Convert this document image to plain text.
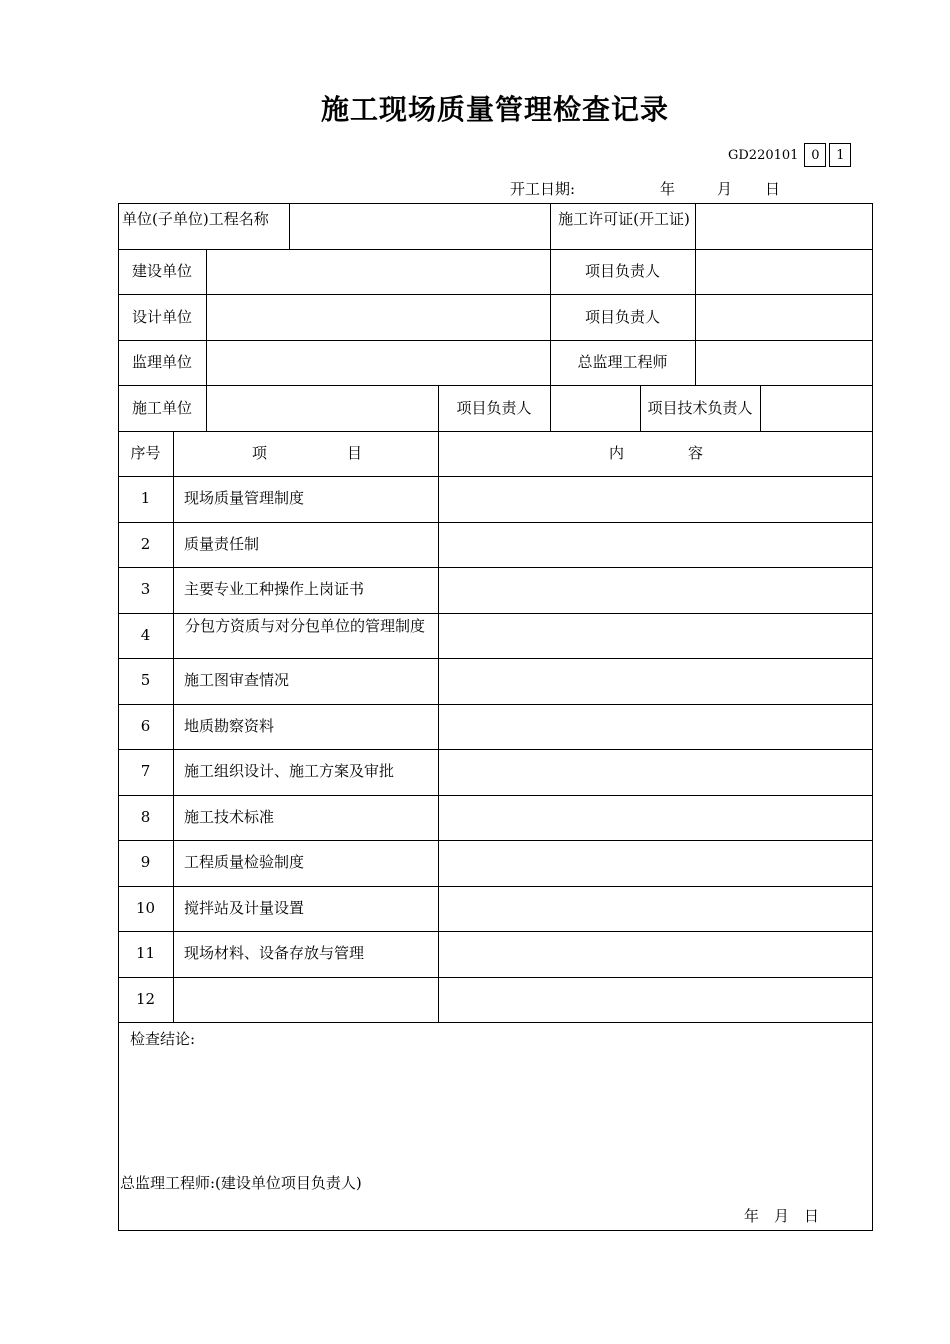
施工现场质量管理检查记录
GD220101 0	1
开工日期:	年	月 日
单位(子单位)工程名称	施工许可证(开工证)
建设单位	项目负责人
设计单位	项目负责人
监理单位	总监理工程师
施工单位	项目负责人	项目技术负责人
序号	项	目	内	容
1	现场质量管理制度
2	质量责任制
3	主要专业工种操作上岗证书
4	分包方资质与对分包单位的管理制度
5	施工图审查情况
6	地质勘察资料
7	施工组织设计、施工方案及审批
8	施工技术标准
9	工程质量检验制度
10	搅拌站及计量设置
11	现场材料、设备存放与管理
12
检查结论:
总监理工程师:(建设单位项目负责人)
年　月　日
